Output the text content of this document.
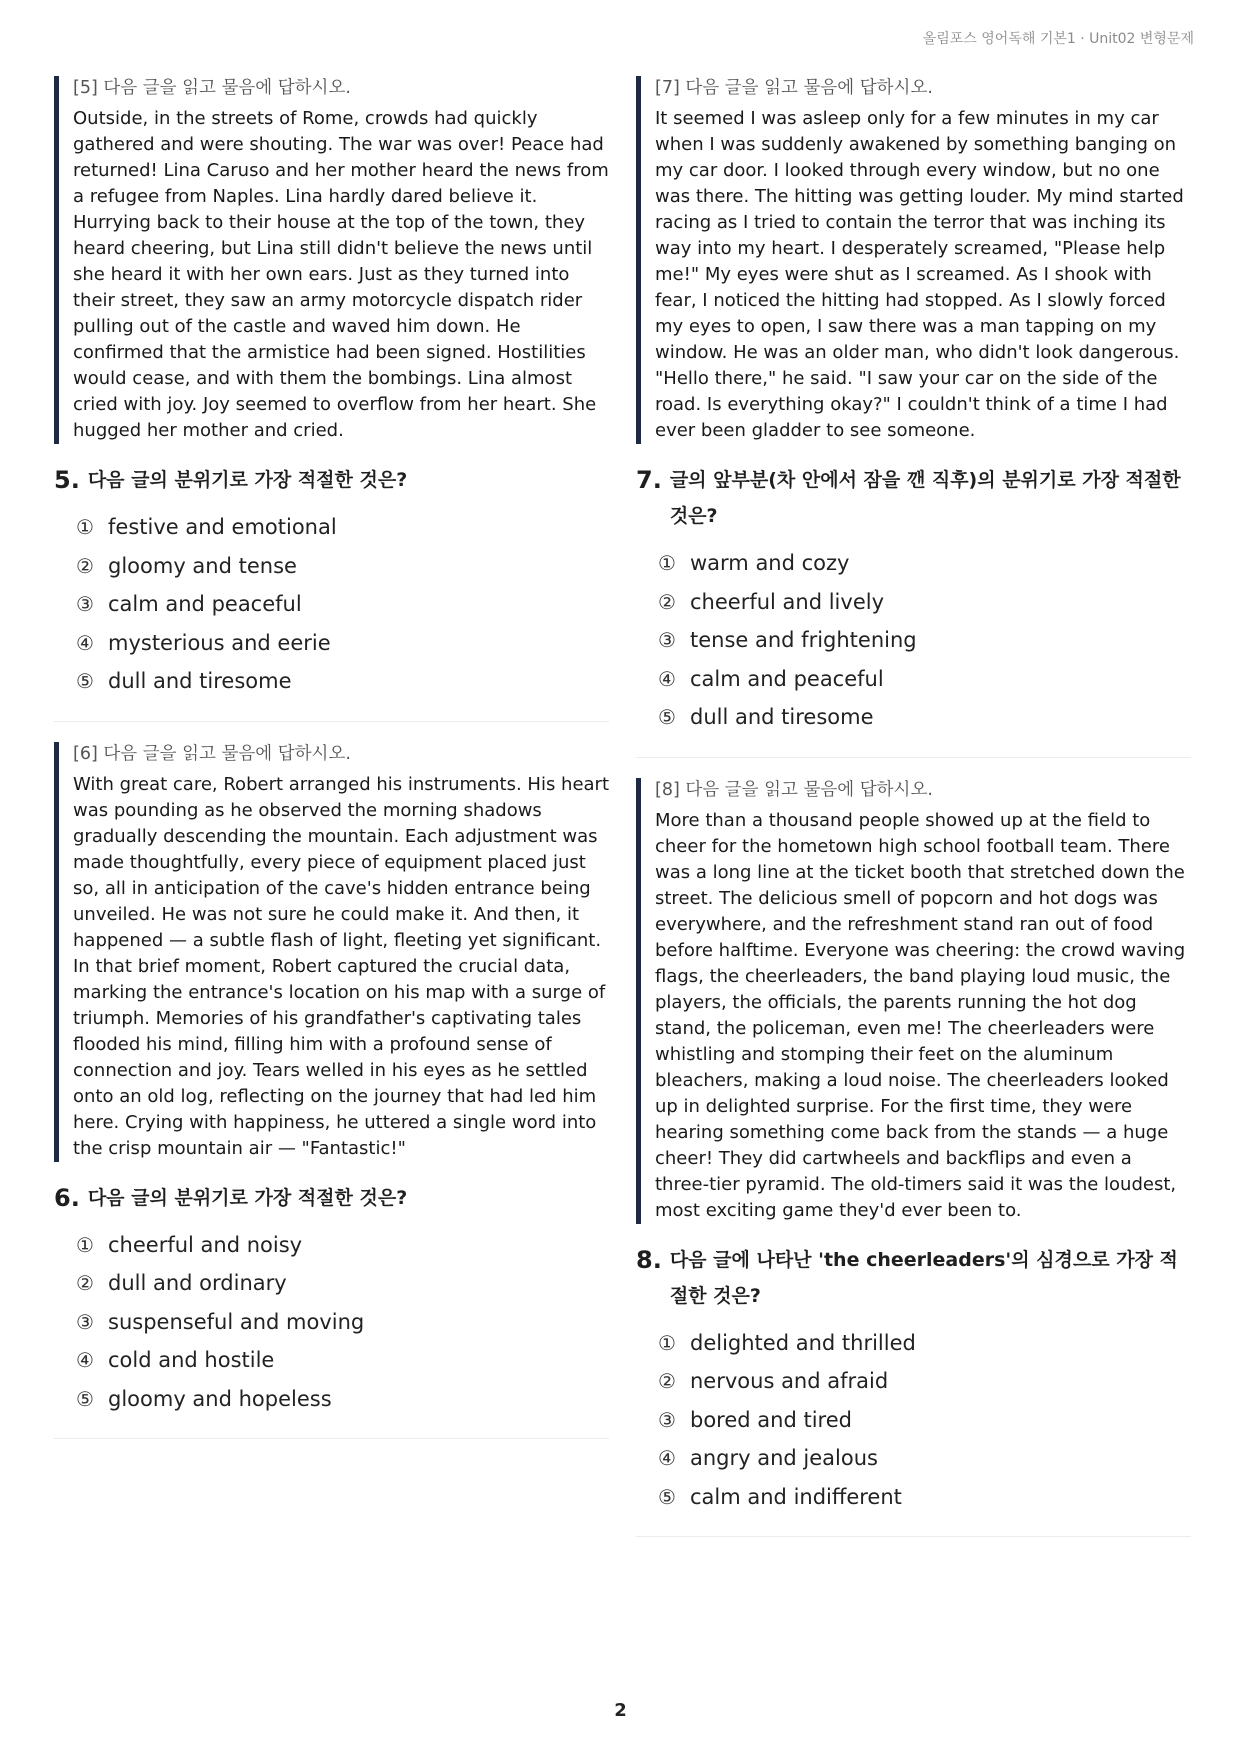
올림포스 영어독해 기본1 · Unit02 변형문제
[5] 다음 글을 읽고 물음에 답하시오.
Outside, in the streets of Rome, crowds had quickly gathered and were shouting. The war was over! Peace had returned! Lina Caruso and her mother heard the news from a refugee from Naples. Lina hardly dared believe it. Hurrying back to their house at the top of the town, they heard cheering, but Lina still didn't believe the news until she heard it with her own ears. Just as they turned into their street, they saw an army motorcycle dispatch rider pulling out of the castle and waved him down. He confirmed that the armistice had been signed. Hostilities would cease, and with them the bombings. Lina almost cried with joy. Joy seemed to overflow from her heart. She hugged her mother and cried.
5. 다음 글의 분위기로 가장 적절한 것은?
① festive and emotional
② gloomy and tense
③ calm and peaceful
④ mysterious and eerie
⑤ dull and tiresome
[6] 다음 글을 읽고 물음에 답하시오.
With great care, Robert arranged his instruments. His heart was pounding as he observed the morning shadows gradually descending the mountain. Each adjustment was made thoughtfully, every piece of equipment placed just so, all in anticipation of the cave's hidden entrance being unveiled. He was not sure he could make it. And then, it happened — a subtle flash of light, fleeting yet significant. In that brief moment, Robert captured the crucial data, marking the entrance's location on his map with a surge of triumph. Memories of his grandfather's captivating tales flooded his mind, filling him with a profound sense of connection and joy. Tears welled in his eyes as he settled onto an old log, reflecting on the journey that had led him here. Crying with happiness, he uttered a single word into the crisp mountain air — "Fantastic!"
6. 다음 글의 분위기로 가장 적절한 것은?
① cheerful and noisy
② dull and ordinary
③ suspenseful and moving
④ cold and hostile
⑤ gloomy and hopeless
[7] 다음 글을 읽고 물음에 답하시오.
It seemed I was asleep only for a few minutes in my car when I was suddenly awakened by something banging on my car door. I looked through every window, but no one was there. The hitting was getting louder. My mind started racing as I tried to contain the terror that was inching its way into my heart. I desperately screamed, "Please help me!" My eyes were shut as I screamed. As I shook with fear, I noticed the hitting had stopped. As I slowly forced my eyes to open, I saw there was a man tapping on my window. He was an older man, who didn't look dangerous. "Hello there," he said. "I saw your car on the side of the road. Is everything okay?" I couldn't think of a time I had ever been gladder to see someone.
7. 글의 앞부분(차 안에서 잠을 깬 직후)의 분위기로 가장 적절한 것은?
① warm and cozy
② cheerful and lively
③ tense and frightening
④ calm and peaceful
⑤ dull and tiresome
[8] 다음 글을 읽고 물음에 답하시오.
More than a thousand people showed up at the field to cheer for the hometown high school football team. There was a long line at the ticket booth that stretched down the street. The delicious smell of popcorn and hot dogs was everywhere, and the refreshment stand ran out of food before halftime. Everyone was cheering: the crowd waving flags, the cheerleaders, the band playing loud music, the players, the officials, the parents running the hot dog stand, the policeman, even me! The cheerleaders were whistling and stomping their feet on the aluminum bleachers, making a loud noise. The cheerleaders looked up in delighted surprise. For the first time, they were hearing something come back from the stands — a huge cheer! They did cartwheels and backflips and even a three-tier pyramid. The old-timers said it was the loudest, most exciting game they'd ever been to.
8. 다음 글에 나타난 'the cheerleaders'의 심경으로 가장 적절한 것은?
① delighted and thrilled
② nervous and afraid
③ bored and tired
④ angry and jealous
⑤ calm and indifferent
2
